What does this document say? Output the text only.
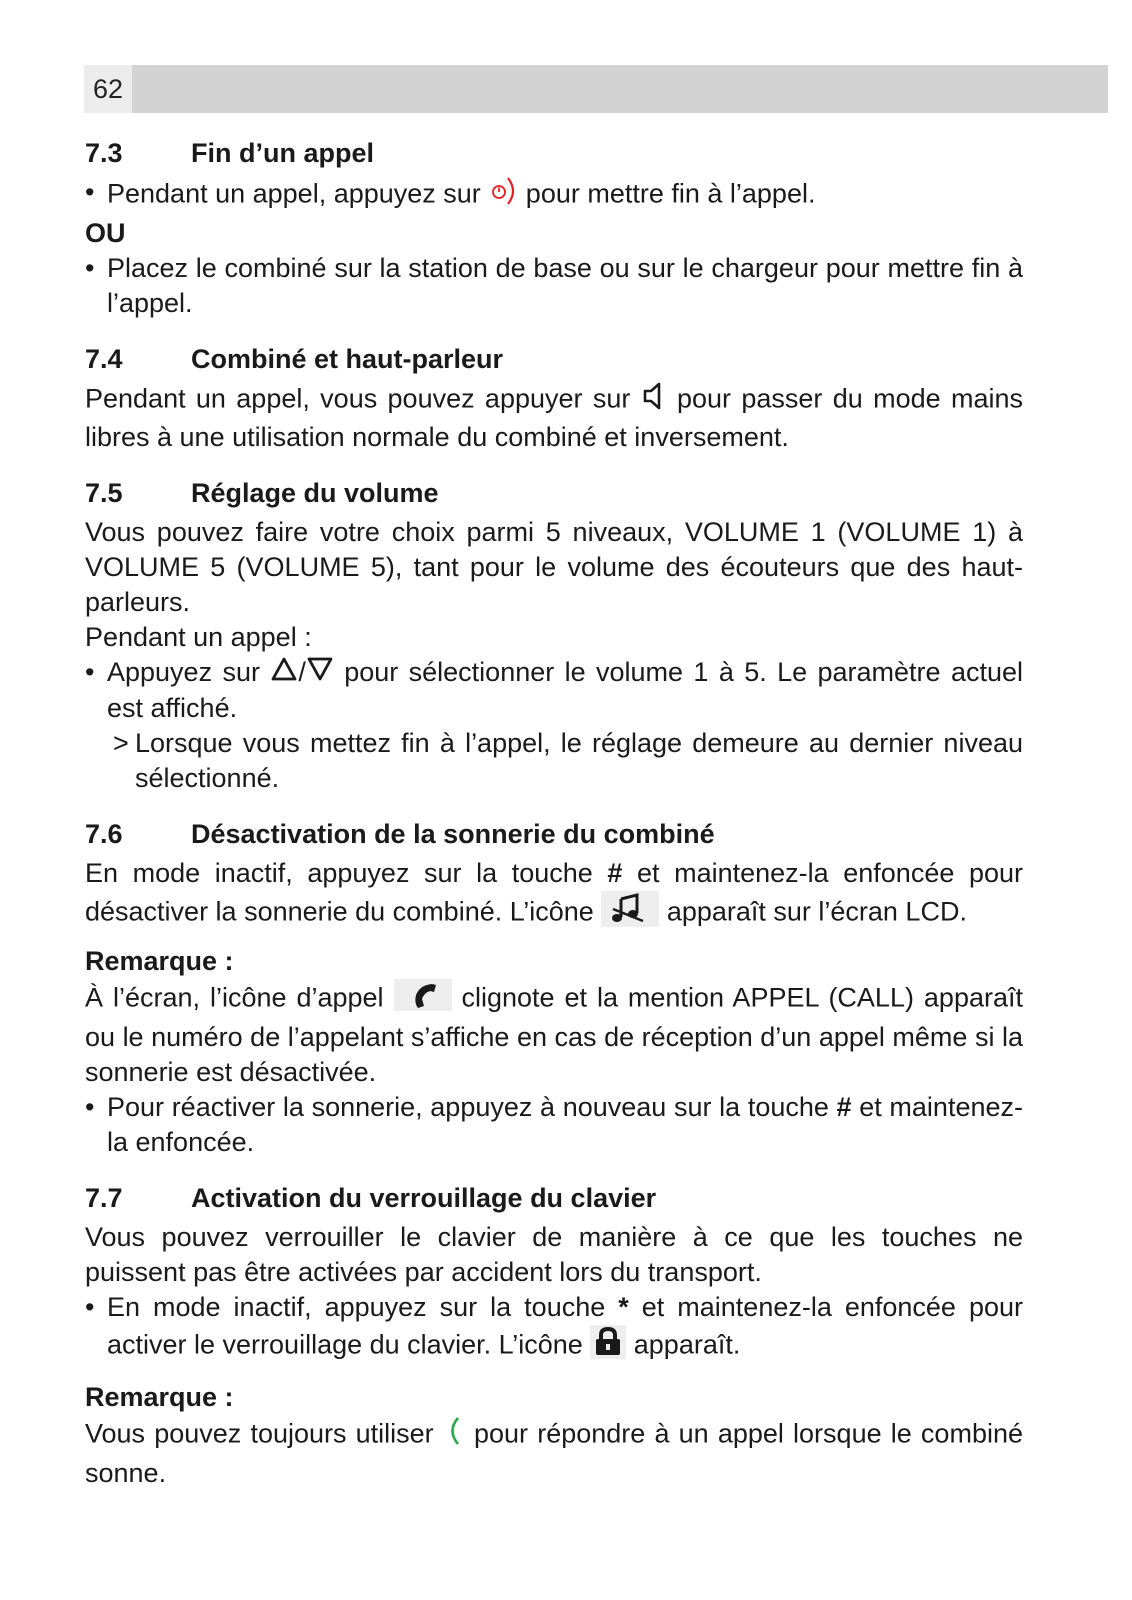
62
7.3	Fin d’un appel

• Pendant un appel, appuyez sur  pour mettre fin à l’appel.

OU

• Placez le combiné sur la station de base ou sur le chargeur pour mettre fin à l’appel.

7.4	Combiné et haut-parleur

Pendant un appel, vous pouvez appuyer sur  pour passer du mode mains libres à une utilisation normale du combiné et inversement.

7.5	Réglage du volume

Vous pouvez faire votre choix parmi 5 niveaux, VOLUME 1 (VOLUME 1) à VOLUME 5 (VOLUME 5), tant pour le volume des écouteurs que des haut-parleurs.

Pendant un appel :

• Appuyez sur / pour sélectionner le volume 1 à 5. Le paramètre actuel est affiché.

> Lorsque vous mettez fin à l’appel, le réglage demeure au dernier niveau sélectionné.

7.6	Désactivation de la sonnerie du combiné

En mode inactif, appuyez sur la touche # et maintenez-la enfoncée pour désactiver la sonnerie du combiné. L’icône  apparaît sur l’écran LCD.

Remarque :

À l’écran, l’icône d’appel  clignote et la mention APPEL (CALL) apparaît ou le numéro de l’appelant s’affiche en cas de réception d’un appel même si la sonnerie est désactivée.

• Pour réactiver la sonnerie, appuyez à nouveau sur la touche # et maintenez-la enfoncée.

7.7	Activation du verrouillage du clavier

Vous pouvez verrouiller le clavier de manière à ce que les touches ne puissent pas être activées par accident lors du transport.

• En mode inactif, appuyez sur la touche * et maintenez-la enfoncée pour activer le verrouillage du clavier. L’icône  apparaît.

Remarque :

Vous pouvez toujours utiliser  pour répondre à un appel lorsque le combiné sonne.
